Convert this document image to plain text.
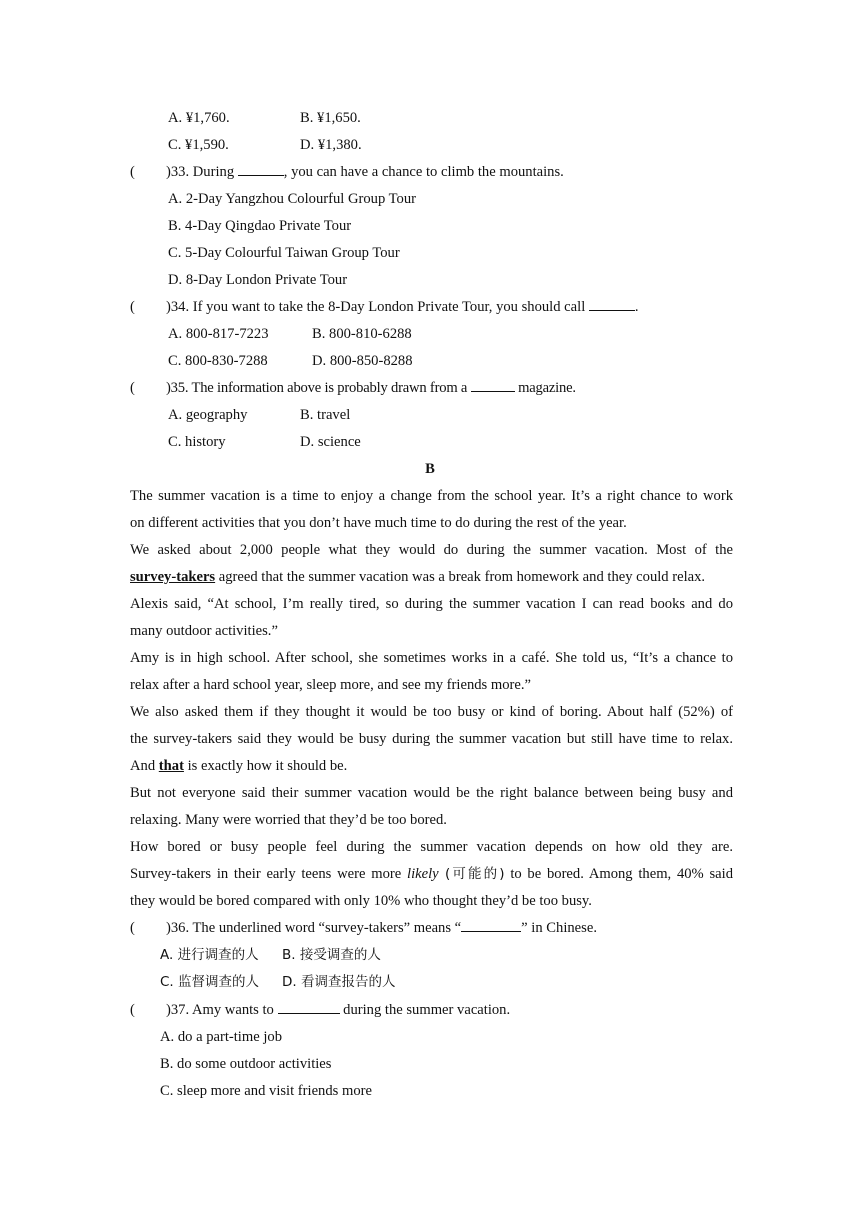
A. ¥1,760.	B. ¥1,650.
C. ¥1,590.	D. ¥1,380.
( )33. During	, you can have a chance to climb the mountains.
A. 2-Day Yangzhou Colourful Group Tour
B. 4-Day Qingdao Private Tour
C. 5-Day Colourful Taiwan Group Tour
D. 8-Day London Private Tour
( )34. If you want to take the 8-Day London Private Tour, you should call	.
A. 800-817-7223	B. 800-810-6288
C. 800-830-7288	D. 800-850-8288
( )35. The information above is probably drawn from a	magazine.
A. geography	B. travel
C. history	D. science
B
The summer vacation is a time to enjoy a change from the school year. It’s a right chance to work
on different activities that you don’t have much time to do during the rest of the year.
We asked about 2,000 people what they would do during the summer vacation. Most of the
survey-takers agreed that the summer vacation was a break from homework and they could relax.
Alexis said, “At school, I’m really tired, so during the summer vacation I can read books and do
many outdoor activities.”
Amy is in high school. After school, she sometimes works in a café. She told us, “It’s a chance to
relax after a hard school year, sleep more, and see my friends more.”
We also asked them if they thought it would be too busy or kind of boring. About half (52%) of
the survey-takers said they would be busy during the summer vacation but still have time to relax.
And that is exactly how it should be.
But not everyone said their summer vacation would be the right balance between being busy and
relaxing. Many were worried that they’d be too bored.
How bored or busy people feel during the summer vacation depends on how old they are.
Survey-takers in their early teens were more likely (可能的) to be bored. Among them, 40% said
they would be bored compared with only 10% who thought they’d be too busy.
( )36. The underlined word “survey-takers” means “	” in Chinese.
A. 进行调查的人 B. 接受调查的人
C. 监督调查的人 D. 看调查报告的人
( )37. Amy wants to	during the summer vacation.
A. do a part-time job
B. do some outdoor activities
C. sleep more and visit friends more
